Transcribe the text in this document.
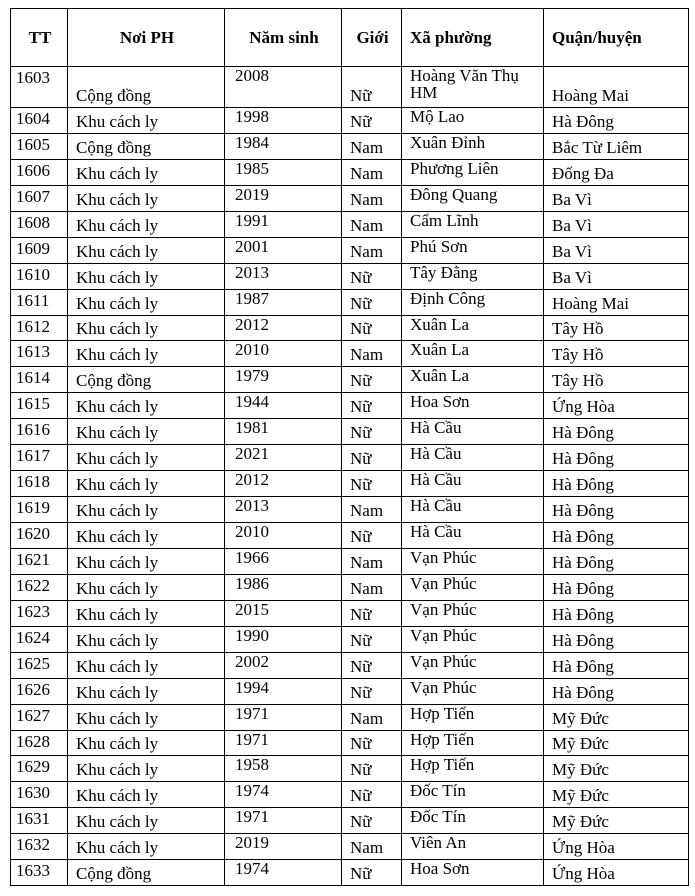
TT	Nơi PH	Năm sinh	Giới	Xã phường	Quận/huyện
1603	Cộng đồng	2008	Nữ	Hoàng Văn Thụ HM	Hoàng Mai
1604	Khu cách ly	1998	Nữ	Mộ Lao	Hà Đông
1605	Cộng đồng	1984	Nam	Xuân Đỉnh	Bắc Từ Liêm
1606	Khu cách ly	1985	Nam	Phương Liên	Đống Đa
1607	Khu cách ly	2019	Nam	Đông Quang	Ba Vì
1608	Khu cách ly	1991	Nam	Cẩm Lĩnh	Ba Vì
1609	Khu cách ly	2001	Nam	Phú Sơn	Ba Vì
1610	Khu cách ly	2013	Nữ	Tây Đằng	Ba Vì
1611	Khu cách ly	1987	Nữ	Định Công	Hoàng Mai
1612	Khu cách ly	2012	Nữ	Xuân La	Tây Hồ
1613	Khu cách ly	2010	Nam	Xuân La	Tây Hồ
1614	Cộng đồng	1979	Nữ	Xuân La	Tây Hồ
1615	Khu cách ly	1944	Nữ	Hoa Sơn	Ứng Hòa
1616	Khu cách ly	1981	Nữ	Hà Cầu	Hà Đông
1617	Khu cách ly	2021	Nữ	Hà Cầu	Hà Đông
1618	Khu cách ly	2012	Nữ	Hà Cầu	Hà Đông
1619	Khu cách ly	2013	Nam	Hà Cầu	Hà Đông
1620	Khu cách ly	2010	Nữ	Hà Cầu	Hà Đông
1621	Khu cách ly	1966	Nam	Vạn Phúc	Hà Đông
1622	Khu cách ly	1986	Nam	Vạn Phúc	Hà Đông
1623	Khu cách ly	2015	Nữ	Vạn Phúc	Hà Đông
1624	Khu cách ly	1990	Nữ	Vạn Phúc	Hà Đông
1625	Khu cách ly	2002	Nữ	Vạn Phúc	Hà Đông
1626	Khu cách ly	1994	Nữ	Vạn Phúc	Hà Đông
1627	Khu cách ly	1971	Nam	Hợp Tiến	Mỹ Đức
1628	Khu cách ly	1971	Nữ	Hợp Tiến	Mỹ Đức
1629	Khu cách ly	1958	Nữ	Hợp Tiến	Mỹ Đức
1630	Khu cách ly	1974	Nữ	Đốc Tín	Mỹ Đức
1631	Khu cách ly	1971	Nữ	Đốc Tín	Mỹ Đức
1632	Khu cách ly	2019	Nam	Viên An	Ứng Hòa
1633	Cộng đồng	1974	Nữ	Hoa Sơn	Ứng Hòa
